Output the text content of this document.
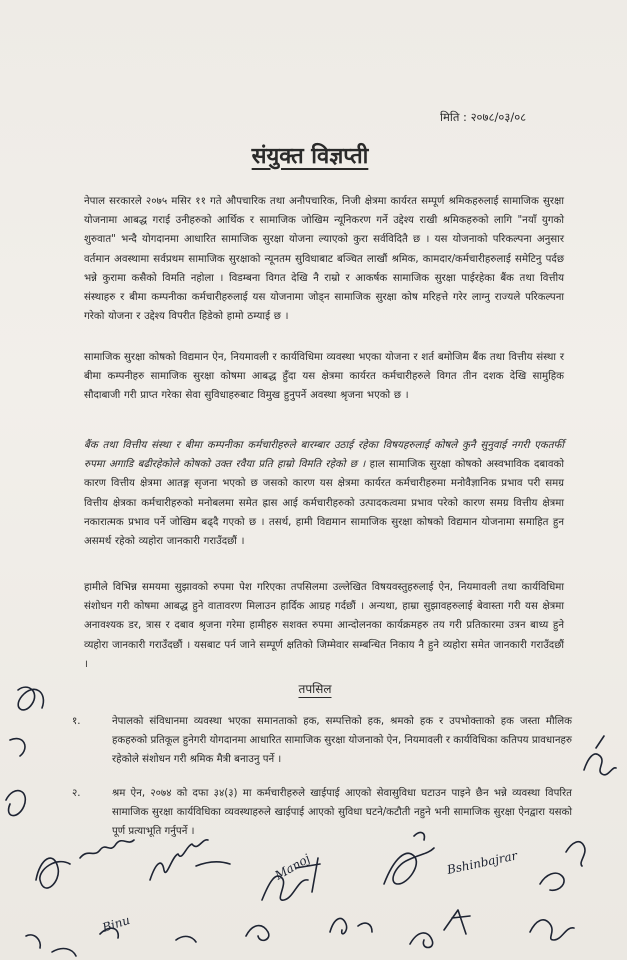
मिति : २०७८/०३/०८
संयुक्त विज्ञप्ती

नेपाल सरकारले २०७५ मसिर ११ गते औपचारिक तथा अनौपचारिक, निजी क्षेत्रमा कार्यरत सम्पूर्ण श्रमिकहरुलाई सामाजिक सुरक्षा योजनामा आबद्ध गराई उनीहरुको आर्थिक र सामाजिक जोखिम न्यूनिकरण गर्ने उद्देश्य राखी श्रमिकहरुको लागि "नयाँ युगको शुरुवात" भन्दै योगदानमा आधारित सामाजिक सुरक्षा योजना ल्याएको कुरा सर्वविदितै छ । यस योजनाको परिकल्पना अनुसार वर्तमान अवस्थामा सर्वप्रथम सामाजिक सुरक्षाको न्यूनतम सुविधाबाट बञ्चित लाखौं श्रमिक, कामदार/कर्मचारीहरुलाई समेटिनु पर्दछ भन्ने कुरामा कसैको विमति नहोला । विडम्बना विगत देखि नै राम्रो र आकर्षक सामाजिक सुरक्षा पाईरहेका बैंक तथा वित्तीय संस्थाहरु र बीमा कम्पनीका कर्मचारीहरुलाई यस योजनामा जोड्न सामाजिक सुरक्षा कोष मरिहत्ते गरेर लाग्नु राज्यले परिकल्पना गरेको योजना र उद्देश्य विपरीत हिडेको हामो ठम्याई छ ।

सामाजिक सुरक्षा कोषको विद्यमान ऐन, नियमावली र कार्यविधिमा व्यवस्था भएका योजना र शर्त बमोजिम बैंक तथा वित्तीय संस्था र बीमा कम्पनीहरु सामाजिक सुरक्षा कोषमा आबद्ध हुँदा यस क्षेत्रमा कार्यरत कर्मचारीहरुले विगत तीन दशक देखि सामुहिक सौदाबाजी गरी प्राप्त गरेका सेवा सुविधाहरुबाट विमुख हुनुपर्ने अवस्था श्रृजना भएको छ ।

बैंक तथा वित्तीय संस्था र बीमा कम्पनीका कर्मचारीहरुले बारम्बार उठाई रहेका विषयहरुलाई कोषले कुनै सुनुवाई नगरी एकतर्फी रुपमा अगाडि बढीरहेकोले कोषको उक्त रवैया प्रति हाम्रो विमति रहेको छ । हाल सामाजिक सुरक्षा कोषको अस्वभाविक दबावको कारण वित्तीय क्षेत्रमा आतङ्ग सृजना भएको छ जसको कारण यस क्षेत्रमा कार्यरत कर्मचारीहरुमा मनोवैज्ञानिक प्रभाव परी समग्र वित्तीय क्षेत्रका कर्मचारीहरुको मनोबलमा समेत ह्रास आई कर्मचारीहरुको उत्पादकत्वमा प्रभाव परेको कारण समग्र वित्तीय क्षेत्रमा नकारात्मक प्रभाव पर्ने जोखिम बढ्दै गएको छ । तसर्थ, हामी विद्यमान सामाजिक सुरक्षा कोषको विद्यमान योजनामा समाहित हुन असमर्थ रहेको व्यहोरा जानकारी गराउँदछौं ।

हामीले विभिन्न समयमा सुझावको रुपमा पेश गरिएका तपसिलमा उल्लेखित विषयवस्तुहरुलाई ऐन, नियमावली तथा कार्यविधिमा संशोधन गरी कोषमा आबद्ध हुने वातावरण मिलाउन हार्दिक आग्रह गर्दछौं । अन्यथा, हाम्रा सुझावहरुलाई बेवास्ता गरी यस क्षेत्रमा अनावश्यक डर, त्रास र दबाव श्रृजना गरेमा हामीहरु सशक्त रुपमा आन्दोलनका कार्यक्रमहरु तय गरी प्रतिकारमा उत्रन बाध्य हुने व्यहोरा जानकारी गराउँदछौं । यसबाट पर्न जाने सम्पूर्ण क्षतिको जिम्मेवार सम्बन्धित निकाय नै हुने व्यहोरा समेत जानकारी गराउँदछौं ।

तपसिल
१.	नेपालको संविधानमा व्यवस्था भएका समानताको हक, सम्पत्तिको हक, श्रमको हक र उपभोक्ताको हक जस्ता मौलिक हकहरुको प्रतिकूल हुनेगरी योगदानमा आधारित सामाजिक सुरक्षा योजनाको ऐन, नियमावली र कार्यविधिका कतिपय प्रावधानहरु रहेकोले संशोधन गरी श्रमिक मैत्री बनाउनु पर्ने ।
२.	श्रम ऐन, २०७४ को दफा ३४(३) मा कर्मचारीहरुले खाईपाई आएको सेवासुविधा घटाउन पाइने छैन भन्ने व्यवस्था विपरित सामाजिक सुरक्षा कार्यविधिका व्यवस्थाहरुले खाईपाई आएको सुविधा घटने/कटौती नहुने भनी सामाजिक सुरक्षा ऐनद्वारा यसको पूर्ण प्रत्याभूति गर्नुपर्ने ।
Binu
Bshinbajrar
Manoj
